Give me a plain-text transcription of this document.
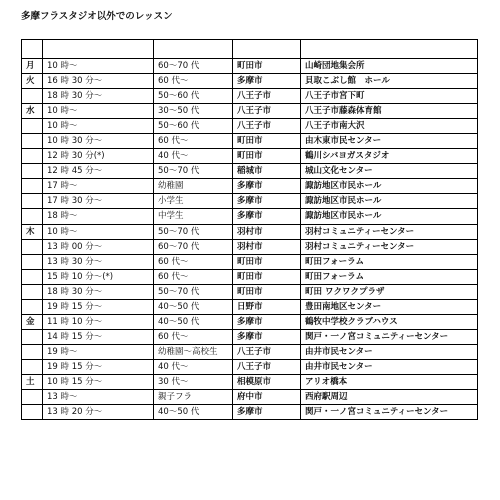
多摩フラスタジオ以外でのレッスン

月	10 時～	60～70 代	町田市	山崎団地集会所
火	16 時 30 分～	60 代～	多摩市	貝取こぶし館　ホール
	18 時 30 分～	50～60 代	八王子市	八王子市宮下町
水	10 時～	30～50 代	八王子市	八王子市藤森体育館
	10 時～	50～60 代	八王子市	八王子市南大沢
	10 時 30 分～	60 代～	町田市	由木東市民センター
	12 時 30 分(*)	40 代～	町田市	鶴川シバヨガスタジオ
	12 時 45 分～	50～70 代	稲城市	城山文化センター
	17 時～	幼稚園	多摩市	諏訪地区市民ホール
	17 時 30 分～	小学生	多摩市	諏訪地区市民ホール
	18 時～	中学生	多摩市	諏訪地区市民ホール
木	10 時～	50～70 代	羽村市	羽村コミュニティーセンター
	13 時 00 分～	60～70 代	羽村市	羽村コミュニティーセンター
	13 時 30 分～	60 代～	町田市	町田フォーラム
	15 時 10 分～(*)	60 代～	町田市	町田フォーラム
	18 時 30 分～	50～70 代	町田市	町田 ワクワクプラザ
	19 時 15 分～	40～50 代	日野市	豊田南地区センター
金	11 時 10 分～	40～50 代	多摩市	鶴牧中学校クラブハウス
	14 時 15 分～	60 代～	多摩市	関戸・一ノ宮コミュニティーセンター
	19 時～	幼稚園～高校生	八王子市	由井市民センター
	19 時 15 分～	40 代～	八王子市	由井市民センター
土	10 時 15 分～	30 代～	相模原市	アリオ橋本
	13 時～	親子フラ	府中市	西府駅周辺
	13 時 20 分～	40～50 代	多摩市	関戸・一ノ宮コミュニティーセンター
